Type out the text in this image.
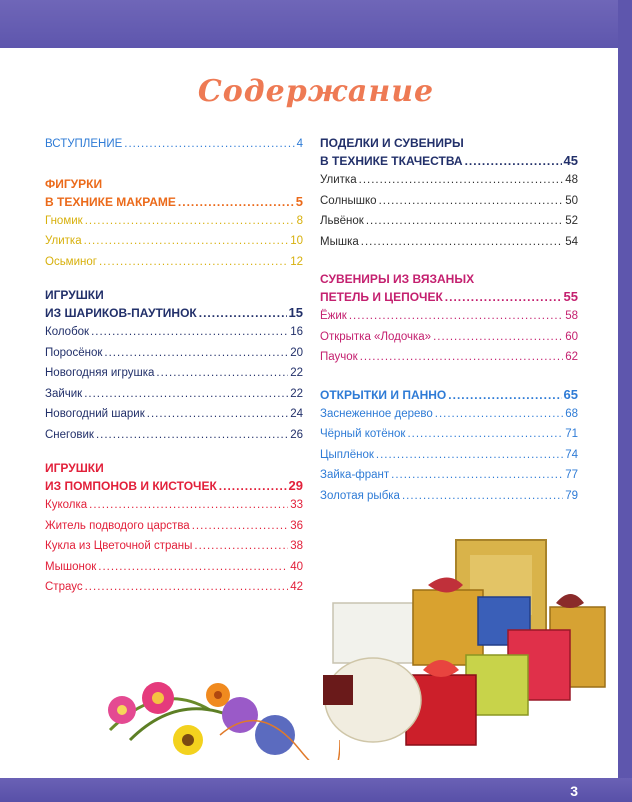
3
Содержание
ВСТУПЛЕНИЕ .....	4
ФИГУРКИ
В ТЕХНИКЕ МАКРАМЕ .....	5
Гномик .....	8
Улитка .....	10
Осьминог .....	12
ИГРУШКИ
ИЗ ШАРИКОВ-ПАУТИНОК .....	15
Колобок .....	16
Поросёнок .....	20
Новогодняя игрушка .....	22
Зайчик .....	22
Новогодний шарик .....	24
Снеговик .....	26
ИГРУШКИ
ИЗ ПОМПОНОВ И КИСТОЧЕК .....	29
Куколка .....	33
Житель подводого царства .....	36
Кукла из Цветочной страны .....	38
Мышонок .....	40
Страус .....	42
ПОДЕЛКИ И СУВЕНИРЫ
В ТЕХНИКЕ ТКАЧЕСТВА .....	45
Улитка .....	48
Солнышко .....	50
Львёнок .....	52
Мышка .....	54
СУВЕНИРЫ ИЗ ВЯЗАНЫХ
ПЕТЕЛЬ И ЦЕПОЧЕК .....	55
Ёжик .....	58
Открытка «Лодочка» .....	60
Паучок .....	62
ОТКРЫТКИ И ПАННО .....	65
Заснеженное дерево .....	68
Чёрный котёнок .....	71
Цыплёнок .....	74
Зайка-франт .....	77
Золотая рыбка .....	79
